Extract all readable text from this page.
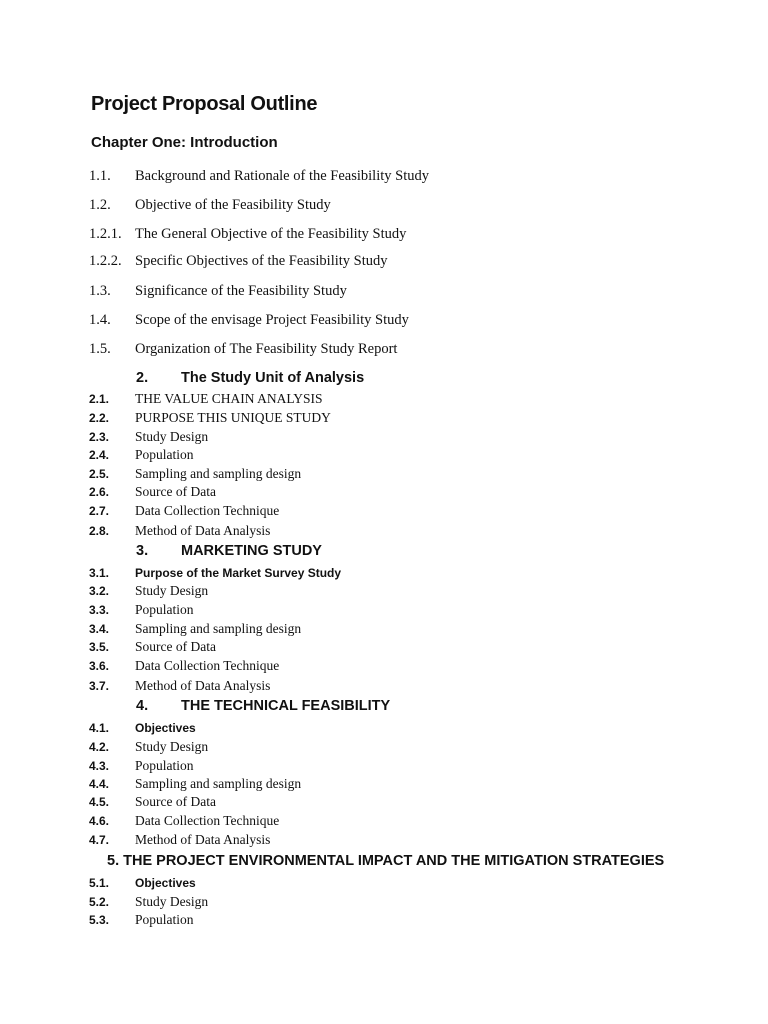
Project Proposal Outline
Chapter One: Introduction
1.1. Background and Rationale of the Feasibility Study
1.2. Objective of the Feasibility Study
1.2.1. The General Objective of the Feasibility Study
1.2.2. Specific Objectives of the Feasibility Study
1.3. Significance of the Feasibility Study
1.4. Scope of the envisage Project Feasibility Study
1.5. Organization of The Feasibility Study Report
2. The Study Unit of Analysis
2.1. THE VALUE CHAIN ANALYSIS
2.2. PURPOSE THIS UNIQUE STUDY
2.3. Study Design
2.4. Population
2.5. Sampling and sampling design
2.6. Source of Data
2.7. Data Collection Technique
2.8. Method of Data Analysis
3. MARKETING STUDY
3.1. Purpose of the Market Survey Study
3.2. Study Design
3.3. Population
3.4. Sampling and sampling design
3.5. Source of Data
3.6. Data Collection Technique
3.7. Method of Data Analysis
4. THE TECHNICAL FEASIBILITY
4.1. Objectives
4.2. Study Design
4.3. Population
4.4. Sampling and sampling design
4.5. Source of Data
4.6. Data Collection Technique
4.7. Method of Data Analysis
5. THE PROJECT ENVIRONMENTAL IMPACT AND THE MITIGATION STRATEGIES
5.1. Objectives
5.2. Study Design
5.3. Population
